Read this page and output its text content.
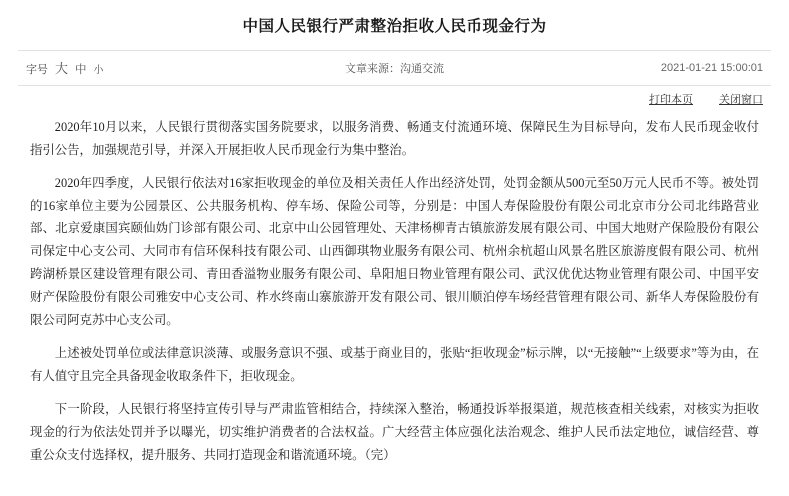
中国人民银行严肃整治拒收人民币现金行为
字号 大 中 小	文章来源：沟通交流	2021-01-21 15:00:01
打印本页 关闭窗口

2020年10月以来，人民银行贯彻落实国务院要求，以服务消费、畅通支付流通环境、保障民生为目标导向，发布人民币现金收付指引公告，加强规范引导，并深入开展拒收人民币现金行为集中整治。

2020年四季度，人民银行依法对16家拒收现金的单位及相关责任人作出经济处罚，处罚金额从500元至50万元人民币不等。被处罚的16家单位主要为公园景区、公共服务机构、停车场、保险公司等，分别是：中国人寿保险股份有限公司北京市分公司北纬路营业部、北京爱康国宾颐仙妫门诊部有限公司、北京中山公园管理处、天津杨柳青古镇旅游发展有限公司、中国大地财产保险股份有限公司保定中心支公司、大同市有信环保科技有限公司、山西御琪物业服务有限公司、杭州余杭超山风景名胜区旅游度假有限公司、杭州跨湖桥景区建设管理有限公司、青田香溢物业服务有限公司、阜阳旭日物业管理有限公司、武汉优优达物业管理有限公司、中国平安财产保险股份有限公司雅安中心支公司、柞水终南山寨旅游开发有限公司、银川顺泊停车场经营管理有限公司、新华人寿保险股份有限公司阿克苏中心支公司。

上述被处罚单位或法律意识淡薄、或服务意识不强、或基于商业目的，张贴“拒收现金”标示牌，以“无接触”“上级要求”等为由，在有人值守且完全具备现金收取条件下，拒收现金。

下一阶段，人民银行将坚持宣传引导与严肃监管相结合，持续深入整治，畅通投诉举报渠道，规范核查相关线索，对核实为拒收现金的行为依法处罚并予以曝光，切实维护消费者的合法权益。广大经营主体应强化法治观念、维护人民币法定地位，诚信经营、尊重公众支付选择权，提升服务、共同打造现金和谐流通环境。（完）
